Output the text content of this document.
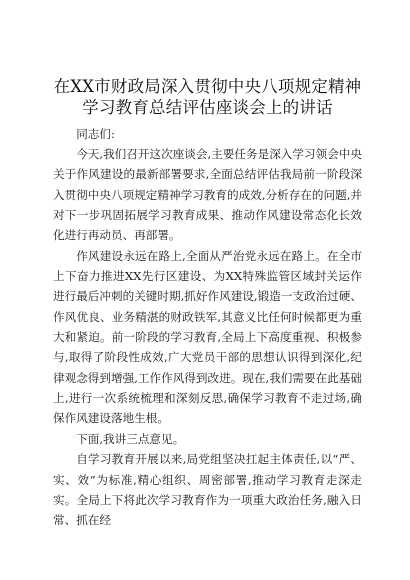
在XX市财政局深入贯彻中央八项规定精神学习教育总结评估座谈会上的讲话

同志们:

今天,我们召开这次座谈会,主要任务是深入学习领会中央关于作风建设的最新部署要求,全面总结评估我局前一阶段深入贯彻中央八项规定精神学习教育的成效,分析存在的问题,并对下一步巩固拓展学习教育成果、推动作风建设常态化长效化进行再动员、再部署。

作风建设永远在路上,全面从严治党永远在路上。在全市上下奋力推进XX先行区建设、为XX特殊监管区域封关运作进行最后冲刺的关键时期,抓好作风建设,锻造一支政治过硬、作风优良、业务精湛的财政铁军,其意义比任何时候都更为重大和紧迫。前一阶段的学习教育,全局上下高度重视、积极参与,取得了阶段性成效,广大党员干部的思想认识得到深化,纪律观念得到增强,工作作风得到改进。现在,我们需要在此基础上,进行一次系统梳理和深刻反思,确保学习教育不走过场,确保作风建设落地生根。

下面,我讲三点意见。

自学习教育开展以来,局党组坚决扛起主体责任,以“严、实、效”为标准,精心组织、周密部署,推动学习教育走深走实。全局上下将此次学习教育作为一项重大政治任务,融入日常、抓在经
